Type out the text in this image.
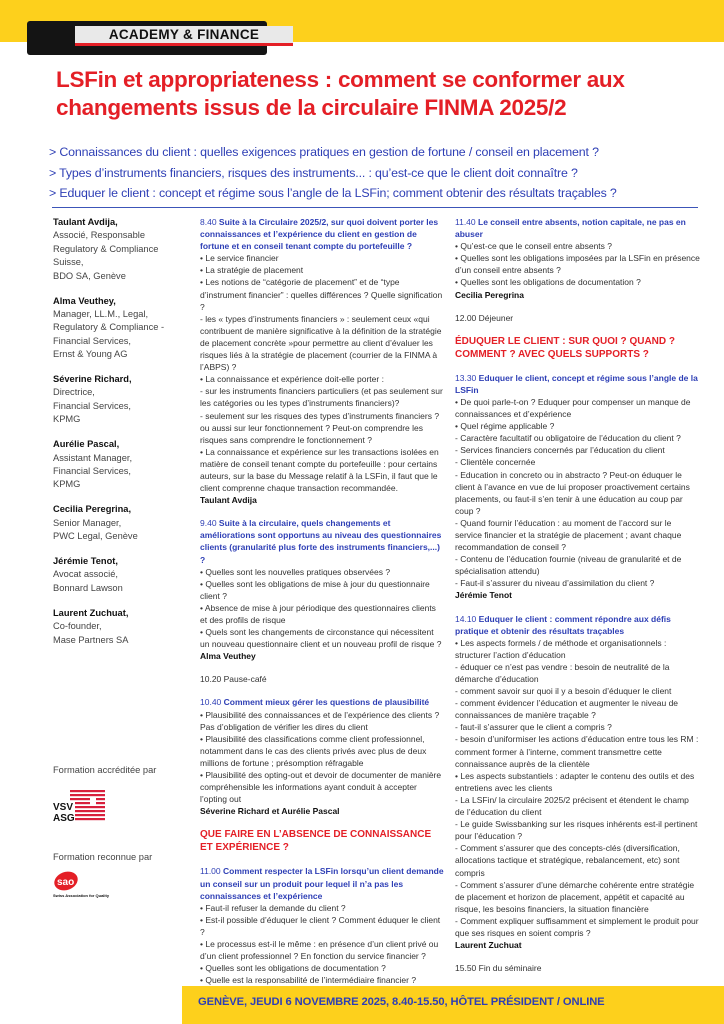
ACADEMY & FINANCE
LSFin et appropriateness : comment se conformer aux changements issus de la circulaire FINMA 2025/2
> Connaissances du client : quelles exigences pratiques en gestion de fortune / conseil en placement ?
> Types d’instruments financiers, risques des instruments... : qu’est-ce que le client doit connaître ?
> Eduquer le client : concept et régime sous l’angle de la LSFin; comment obtenir des résultats traçables ?
Taulant Avdija,
Associé, Responsable
Regulatory & Compliance
Suisse,
BDO SA, Genève
Alma Veuthey,
Manager, LL.M., Legal,
Regulatory & Compliance -
Financial Services,
Ernst & Young AG
Séverine Richard,
Directrice,
Financial Services,
KPMG
Aurélie Pascal,
Assistant Manager,
Financial Services,
KPMG
Cecilia Peregrina,
Senior Manager,
PWC Legal, Genève
Jérémie Tenot,
Avocat associé,
Bonnard Lawson
Laurent Zuchuat,
Co-founder,
Mase Partners SA
Formation accréditée par
VSV
ASG
Formation reconnue par
sao
Swiss Association for Quality
8.40 Suite à la Circulaire 2025/2, sur quoi doivent porter les connaissances et l’expérience du client en gestion de fortune et en conseil tenant compte du portefeuille ?
• Le service financier
• La stratégie de placement
• Les notions de “catégorie de placement” et de “type d’instrument financier” : quelles différences ? Quelle signification ?
- les « types d’instruments financiers » : seulement ceux «qui contribuent de manière significative à la définition de la stratégie de placement concrète »pour permettre au client d’évaluer les risques liés à la stratégie de placement (courrier de la FINMA à l’ABPS) ?
• La connaissance et expérience doit-elle porter :
- sur les instruments financiers particuliers (et pas seulement sur les catégories ou les types d’instruments financiers)?
- seulement sur les risques des types d’instruments financiers ? ou aussi sur leur fonctionnement ? Peut-on comprendre les risques sans comprendre le fonctionnement ?
• La connaissance et expérience sur les transactions isolées en matière de conseil tenant compte du portefeuille : pour certains auteurs, sur la base du Message relatif à la LSFin, il faut que le client comprenne chaque transaction recommandée.
Taulant Avdija
9.40 Suite à la circulaire, quels changements et améliorations sont opportuns au niveau des questionnaires clients (granularité plus forte des instruments financiers,...) ?
• Quelles sont les nouvelles pratiques observées ?
• Quelles sont les obligations de mise à jour du questionnaire client ?
• Absence de mise à jour périodique des questionnaires clients et des profils de risque
• Quels sont les changements de circonstance qui nécessitent un nouveau questionnaire client et un nouveau profil de risque ?
Alma Veuthey
10.20 Pause-café
10.40 Comment mieux gérer les questions de plausibilité
• Plausibilité des connaissances et de l’expérience des clients ? Pas d’obligation de vérifier les dires du client
• Plausibilité des classifications comme client professionnel, notamment dans le cas des clients privés avec plus de deux millions de fortune ; présomption réfragable
• Plausibilité des opting-out et devoir de documenter de manière compréhensible les informations ayant conduit à accepter l’opting out
Séverine Richard et Aurélie Pascal
QUE FAIRE EN L’ABSENCE DE CONNAISSANCE ET EXPÉRIENCE ?
11.00 Comment respecter la LSFin lorsqu’un client demande un conseil sur un produit pour lequel il n’a pas les connaissances et l’expérience
• Faut-il refuser la demande du client ?
• Est-il possible d’éduquer le client ? Comment éduquer le client ?
• Le processus est-il le même : en présence d’un client privé ou d’un client professionnel ? En fonction du service financier ?
• Quelles sont les obligations de documentation ?
• Quelle est la responsabilité de l’intermédiaire financier ?
11.40 Le conseil entre absents, notion capitale, ne pas en abuser
• Qu’est-ce que le conseil entre absents ?
• Quelles sont les obligations imposées par la LSFin en présence d’un conseil entre absents ?
• Quelles sont les obligations de documentation ?
Cecilia Peregrina
12.00 Déjeuner
ÉDUQUER LE CLIENT : SUR QUOI ? QUAND ? COMMENT ? AVEC QUELS SUPPORTS ?
13.30 Eduquer le client, concept et régime sous l’angle de la LSFin
• De quoi parle-t-on ? Eduquer pour compenser un manque de connaissances et d’expérience
• Quel régime applicable ?
- Caractère facultatif ou obligatoire de l’éducation du client ?
- Services financiers concernés par l’éducation du client
- Clientèle concernée
- Education in concreto ou in abstracto ? Peut-on éduquer le client à l’avance en vue de lui proposer proactivement certains placements, ou faut-il s’en tenir à une éducation au coup par coup ?
- Quand fournir l’éducation : au moment de l’accord sur le service financier et la stratégie de placement ; avant chaque recommandation de conseil ?
- Contenu de l’éducation fournie (niveau de granularité et de spécialisation attendu)
- Faut-il s’assurer du niveau d’assimilation du client ?
Jérémie Tenot
14.10 Eduquer le client : comment répondre aux défis pratique et obtenir des résultats traçables
• Les aspects formels / de méthode et organisationnels : structurer l’action d’éducation
- éduquer ce n’est pas vendre : besoin de neutralité de la démarche d’éducation
- comment savoir sur quoi il y a besoin d’éduquer le client
- comment évidencer l’éducation et augmenter le niveau de connaissances de manière traçable ?
- faut-il s’assurer que le client a compris ?
- besoin d’uniformiser les actions d’éducation entre tous les RM : comment former à l’interne, comment transmettre cette connaissance auprès de la clientèle
• Les aspects substantiels : adapter le contenu des outils et des entretiens avec les clients
- La LSFin/ la circulaire 2025/2 précisent et étendent le champ de l’éducation du client
- Le guide Swissbanking sur les risques inhérents est-il pertinent pour l’éducation ?
- Comment s’assurer que des concepts-clés (diversification, allocations tactique et stratégique, rebalancement, etc) sont compris
- Comment s’assurer d’une démarche cohérente entre stratégie de placement et horizon de placement, appétit et capacité au risque, les besoins financiers, la situation financière
- Comment expliquer suffisamment et simplement le produit pour que ses risques en soient compris ?
Laurent Zuchuat
15.50 Fin du séminaire
GENÈVE, JEUDI 6 NOVEMBRE 2025, 8.40-15.50, HÔTEL PRÉSIDENT / ONLINE
